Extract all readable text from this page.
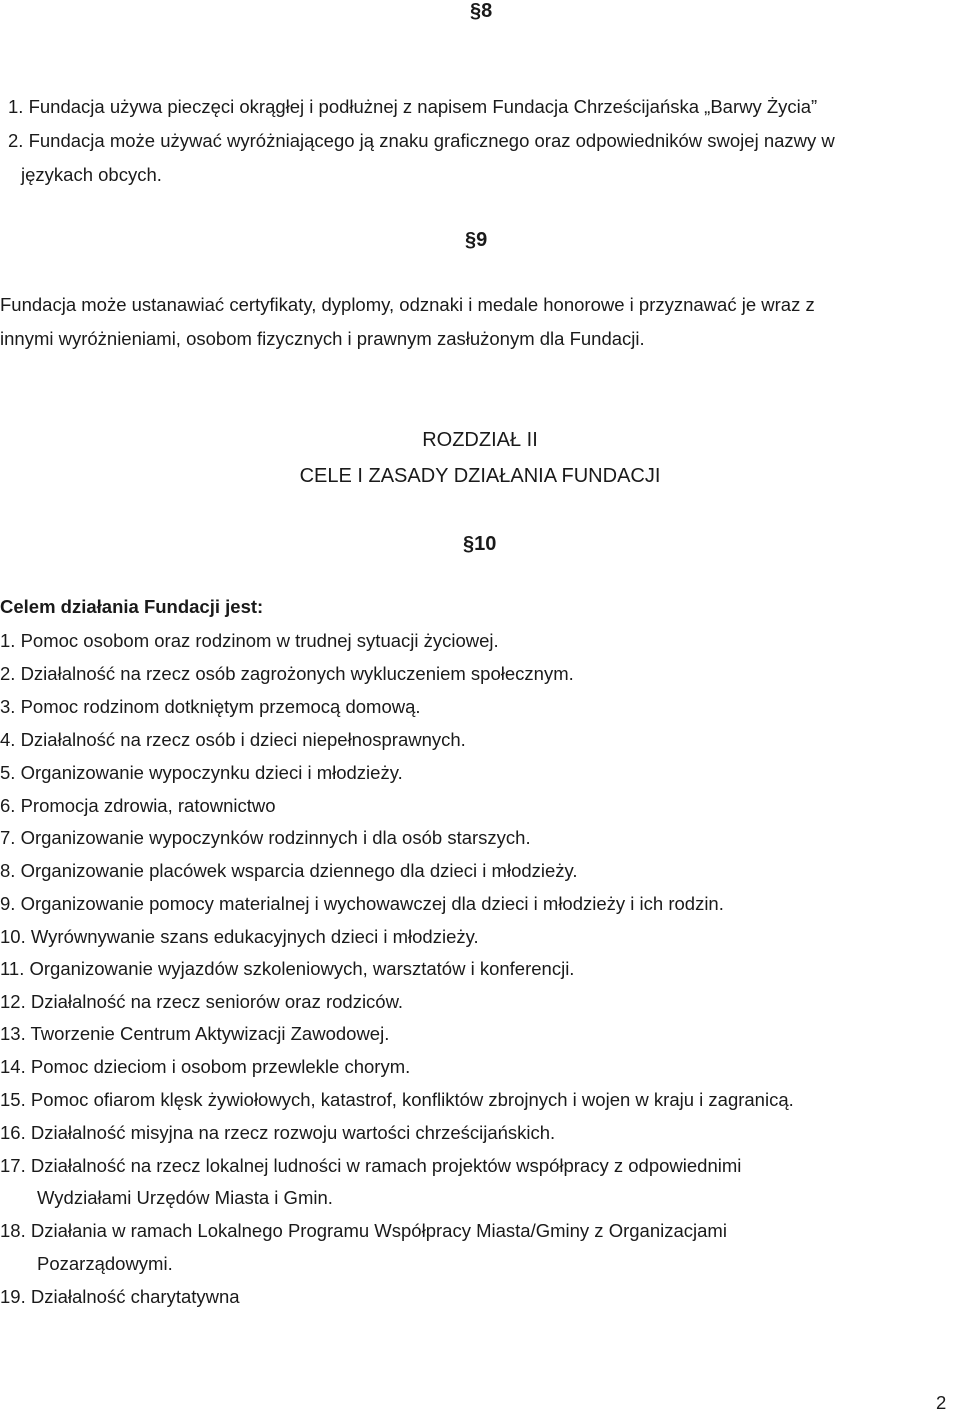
§8
1. Fundacja używa pieczęci okrągłej i podłużnej z napisem Fundacja Chrześcijańska „Barwy Życia”
2. Fundacja może używać wyróżniającego ją znaku graficznego oraz odpowiedników swojej nazwy w
językach obcych.
§9
Fundacja może ustanawiać certyfikaty, dyplomy, odznaki i medale honorowe i przyznawać je wraz z
innymi wyróżnieniami, osobom fizycznych i prawnym zasłużonym dla Fundacji.
ROZDZIAŁ II
CELE I ZASADY DZIAŁANIA FUNDACJI
§10
Celem działania Fundacji jest:
1. Pomoc osobom oraz rodzinom w trudnej sytuacji życiowej.
2. Działalność na rzecz osób zagrożonych wykluczeniem społecznym.
3. Pomoc rodzinom dotkniętym przemocą domową.
4. Działalność na rzecz osób i dzieci niepełnosprawnych.
5. Organizowanie wypoczynku dzieci i młodzieży.
6. Promocja zdrowia, ratownictwo
7. Organizowanie wypoczynków rodzinnych i dla osób starszych.
8. Organizowanie placówek wsparcia dziennego dla dzieci i młodzieży.
9. Organizowanie pomocy materialnej i wychowawczej dla dzieci i młodzieży i ich rodzin.
10. Wyrównywanie szans edukacyjnych dzieci i młodzieży.
11. Organizowanie wyjazdów szkoleniowych, warsztatów i konferencji.
12. Działalność na rzecz seniorów oraz rodziców.
13. Tworzenie Centrum Aktywizacji Zawodowej.
14. Pomoc dzieciom i osobom przewlekle chorym.
15. Pomoc ofiarom klęsk żywiołowych, katastrof, konfliktów zbrojnych i wojen w kraju i zagranicą.
16. Działalność misyjna na rzecz rozwoju wartości chrześcijańskich.
17. Działalność na rzecz lokalnej ludności w ramach projektów współpracy z odpowiednimi
Wydziałami Urzędów Miasta i Gmin.
18. Działania w ramach Lokalnego Programu Współpracy Miasta/Gminy z Organizacjami
Pozarządowymi.
19. Działalność charytatywna
2
